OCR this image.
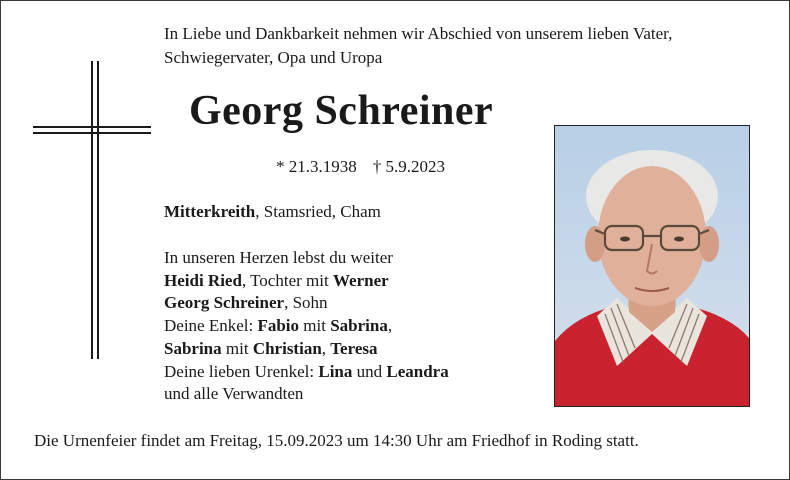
In Liebe und Dankbarkeit nehmen wir Abschied von unserem lieben Vater,
Schwiegervater, Opa und Uropa
Georg Schreiner
* 21.3.1938 † 5.9.2023
Mitterkreith, Stamsried, Cham
In unseren Herzen lebst du weiter
Heidi Ried, Tochter mit Werner
Georg Schreiner, Sohn
Deine Enkel: Fabio mit Sabrina,
Sabrina mit Christian, Teresa
Deine lieben Urenkel: Lina und Leandra
und alle Verwandten
Die Urnenfeier findet am Freitag, 15.09.2023 um 14:30 Uhr am Friedhof in Roding statt.
